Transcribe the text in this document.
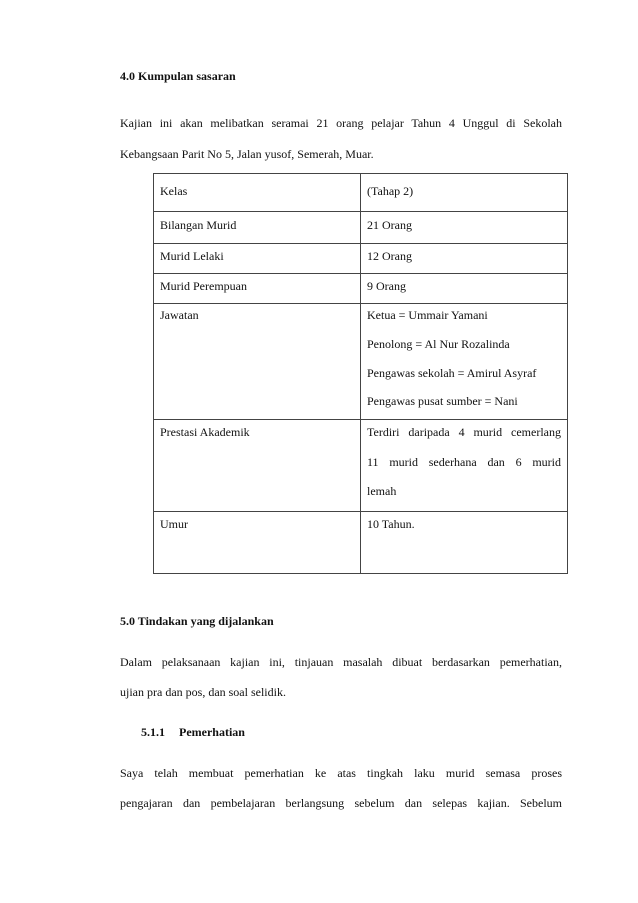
4.0 Kumpulan sasaran
Kajian ini akan melibatkan seramai 21 orang pelajar Tahun 4 Unggul di Sekolah
Kebangsaan Parit No 5, Jalan yusof, Semerah, Muar.
Kelas	(Tahap 2)

Bilangan Murid	21 Orang

Murid Lelaki	12 Orang

Murid Perempuan	9 Orang

Jawatan	Ketua = Ummair Yamani
Penolong = Al Nur Rozalinda
Pengawas sekolah = Amirul Asyraf
Pengawas pusat sumber = Nani

Prestasi Akademik	Terdiri daripada 4 murid cemerlang
11 murid sederhana dan 6 murid
lemah

Umur	10 Tahun.
5.0 Tindakan yang dijalankan
Dalam pelaksanaan kajian ini, tinjauan masalah dibuat berdasarkan pemerhatian,
ujian pra dan pos, dan soal selidik.
5.1.1 Pemerhatian
Saya telah membuat pemerhatian ke atas tingkah laku murid semasa proses
pengajaran dan pembelajaran berlangsung sebelum dan selepas kajian. Sebelum
